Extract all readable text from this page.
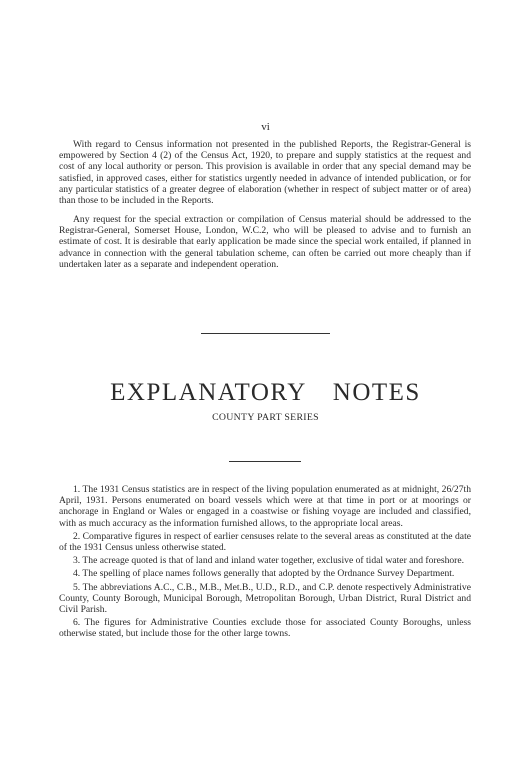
vi

With regard to Census information not presented in the published Reports, the Registrar-General is empowered by Section 4 (2) of the Census Act, 1920, to prepare and supply statistics at the request and cost of any local authority or person. This provision is available in order that any special demand may be satisfied, in approved cases, either for statistics urgently needed in advance of intended publication, or for any particular statistics of a greater degree of elaboration (whether in respect of subject matter or of area) than those to be included in the Reports.

Any request for the special extraction or compilation of Census material should be addressed to the Registrar-General, Somerset House, London, W.C.2, who will be pleased to advise and to furnish an estimate of cost. It is desirable that early application be made since the special work entailed, if planned in advance in connection with the general tabulation scheme, can often be carried out more cheaply than if undertaken later as a separate and independent operation.

EXPLANATORY NOTES
COUNTY PART SERIES

1. The 1931 Census statistics are in respect of the living population enumerated as at midnight, 26/27th April, 1931. Persons enumerated on board vessels which were at that time in port or at moorings or anchorage in England or Wales or engaged in a coastwise or fishing voyage are included and classified, with as much accuracy as the information furnished allows, to the appropriate local areas.

2. Comparative figures in respect of earlier censuses relate to the several areas as constituted at the date of the 1931 Census unless otherwise stated.

3. The acreage quoted is that of land and inland water together, exclusive of tidal water and foreshore.

4. The spelling of place names follows generally that adopted by the Ordnance Survey Department.

5. The abbreviations A.C., C.B., M.B., Met.B., U.D., R.D., and C.P. denote respectively Administrative County, County Borough, Municipal Borough, Metropolitan Borough, Urban District, Rural District and Civil Parish.

6. The figures for Administrative Counties exclude those for associated County Boroughs, unless otherwise stated, but include those for the other large towns.
